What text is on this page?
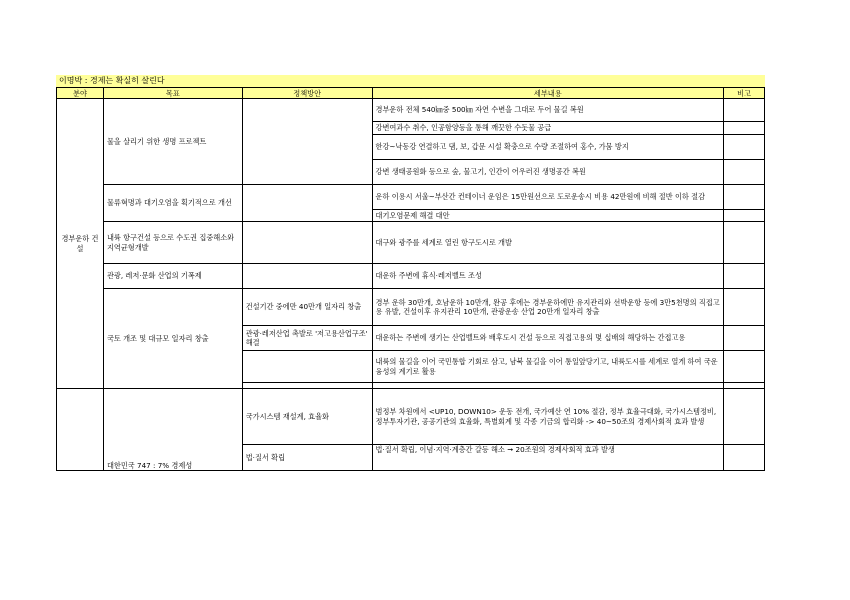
이명박 : 경제는 확실히 살린다
분야	목표	정책방안	세부내용	비고
경부운하 건설	물을 살리기 위한 생명 프로젝트		경부운하 전체 540㎞중 500㎞ 자연 수변을 그대로 두어 물길 복원	
			강변여과수 취수, 인공함양등을 통해 깨끗한 수돗물 공급	
			한강~낙동강 연결하고 댐, 보, 갑문 시설 확충으로 수량 조절하여 홍수, 가뭄 방지	
			강변 생태공원화 등으로 숲, 물고기, 인간이 어우러진 생명공간 복원	
	물류혁명과 대기오염을 획기적으로 개선		운하 이용시 서울~부산간 컨테이너 운임은 15만원선으로 도로운송시 비용 42만원에 비해 절반 이하 절감	
			대기오염문제 해결 대안	
	내륙 항구건설 등으로 수도권 집중해소와 지역균형개발		대구와 광주를 세계로 열린 항구도시로 개발	
	관광, 레저·문화 산업의 기폭제		대운하 주변에 휴식·레저벨트 조성	
	국토 개조 및 대규모 일자리 창출	건설기간 중에만 40만개 일자리 창출	경부 운하 30만개, 호남운하 10만개, 완공 후에는 경부운하에만 유지관리와 선박운항 등에 3만5천명의 직접고용 유발, 건설이후 유지관리 10만개, 관광운송 산업 20만개 일자리 창출	
		관광·레저산업 촉발로 '저고용산업구조' 해결	대운하는 주변에 생기는 산업벨트와 배후도시 건설 등으로 직접고용의 몇 십배의 해당하는 간접고용	
			내륙의 물길을 이어 국민통합 기회로 삼고, 남북 물길을 이어 통일앞당기고, 내륙도시를 세계로 열게 하여 국운융성의 계기로 활용	

	대한민국 747 : 7% 경제성	국가시스템 재설계, 효율화	범정부 차원에서 <UP10, DOWN10> 운동 전개, 국가예산 연 10% 절감, 정부 효율극대화, 국가시스템정비, 정부투자기관, 공공기관의 효율화, 특별회계 및 각종 기금의 합리화 -> 40~50조의 경제사회적 효과 발생	
		법·질서 확립	법·질서 확립, 이념·지역·계층간 갈등 해소 ➞ 20조원의 경제사회적 효과 발생	
